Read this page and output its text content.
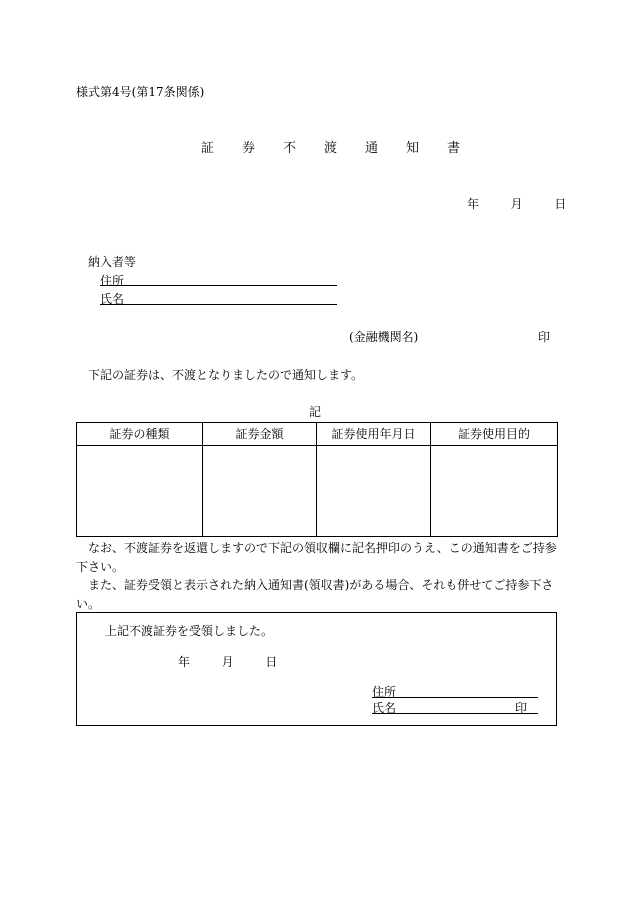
様式第4号(第17条関係)
証券不渡通知書
年	月	日
納入者等
住所
氏名
(金融機関名)	印
下記の証券は、不渡となりましたので通知します。
記
証券の種類	証券金額	証券使用年月日	証券使用目的

なお、不渡証券を返還しますので下記の領収欄に記名押印のうえ、この通知書をご持参下さい。
また、証券受領と表示された納入通知書(領収書)がある場合、それも併せてご持参下さい。
上記不渡証券を受領しました。
年	月	日
住所
氏名	印
